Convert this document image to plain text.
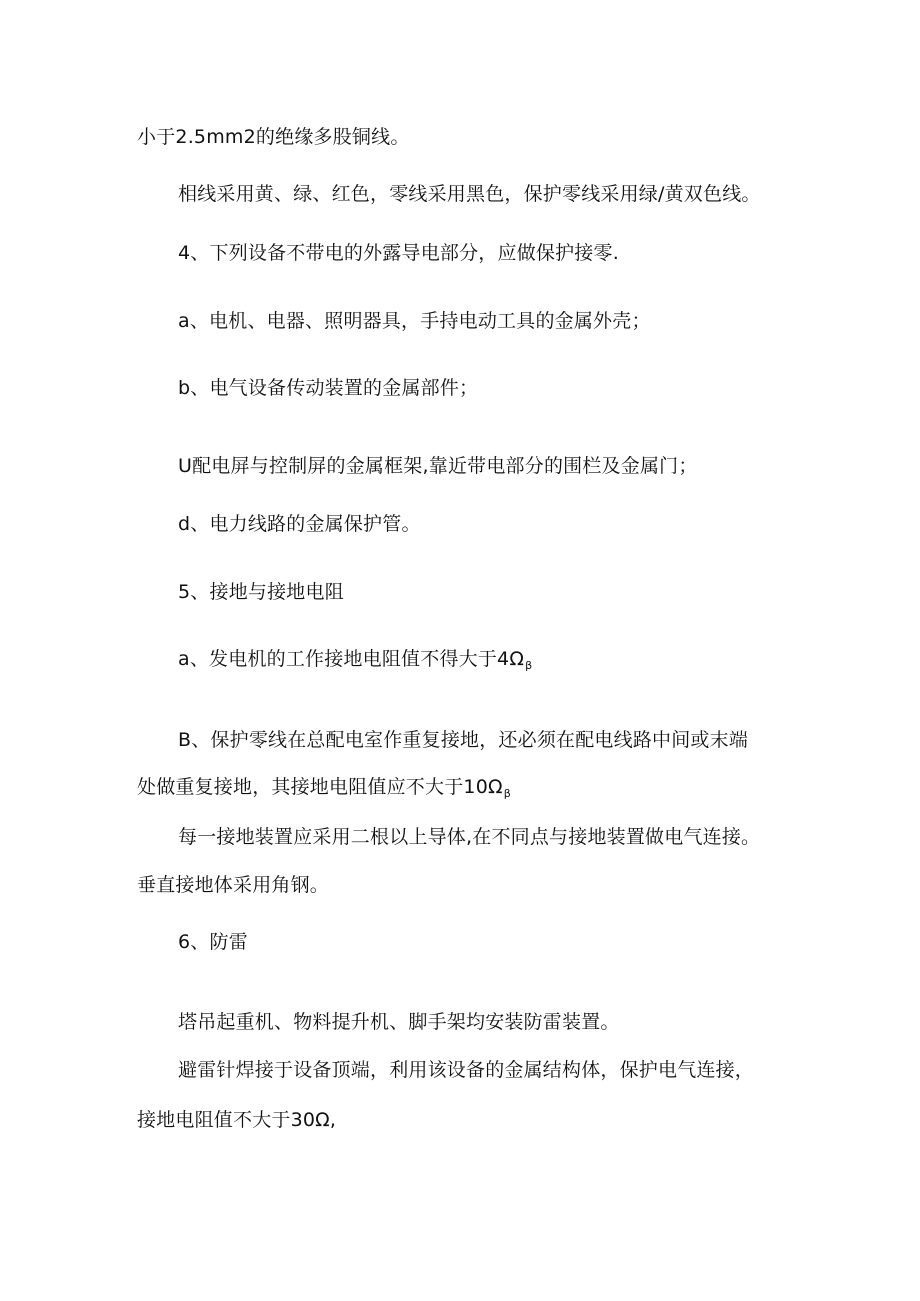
小于2.5mm2的绝缘多股铜线。
相线采用黄、绿、红色，零线采用黑色，保护零线采用绿/黄双色线。
4、下列设备不带电的外露导电部分，应做保护接零.
a、电机、电器、照明器具，手持电动工具的金属外壳；
b、电气设备传动装置的金属部件；
U配电屏与控制屏的金属框架,靠近带电部分的围栏及金属门；
d、电力线路的金属保护管。
5、接地与接地电阻
a、发电机的工作接地电阻值不得大于$4\Omega_\beta$
B、保护零线在总配电室作重复接地，还必须在配电线路中间或末端
处做重复接地，其接地电阻值应不大于$10\Omega_\beta$
每一接地装置应采用二根以上导体,在不同点与接地装置做电气连接。
垂直接地体采用角钢。
6、防雷
塔吊起重机、物料提升机、脚手架均安装防雷装置。
避雷针焊接于设备顶端，利用该设备的金属结构体，保护电气连接，
接地电阻值不大于30Ω,
